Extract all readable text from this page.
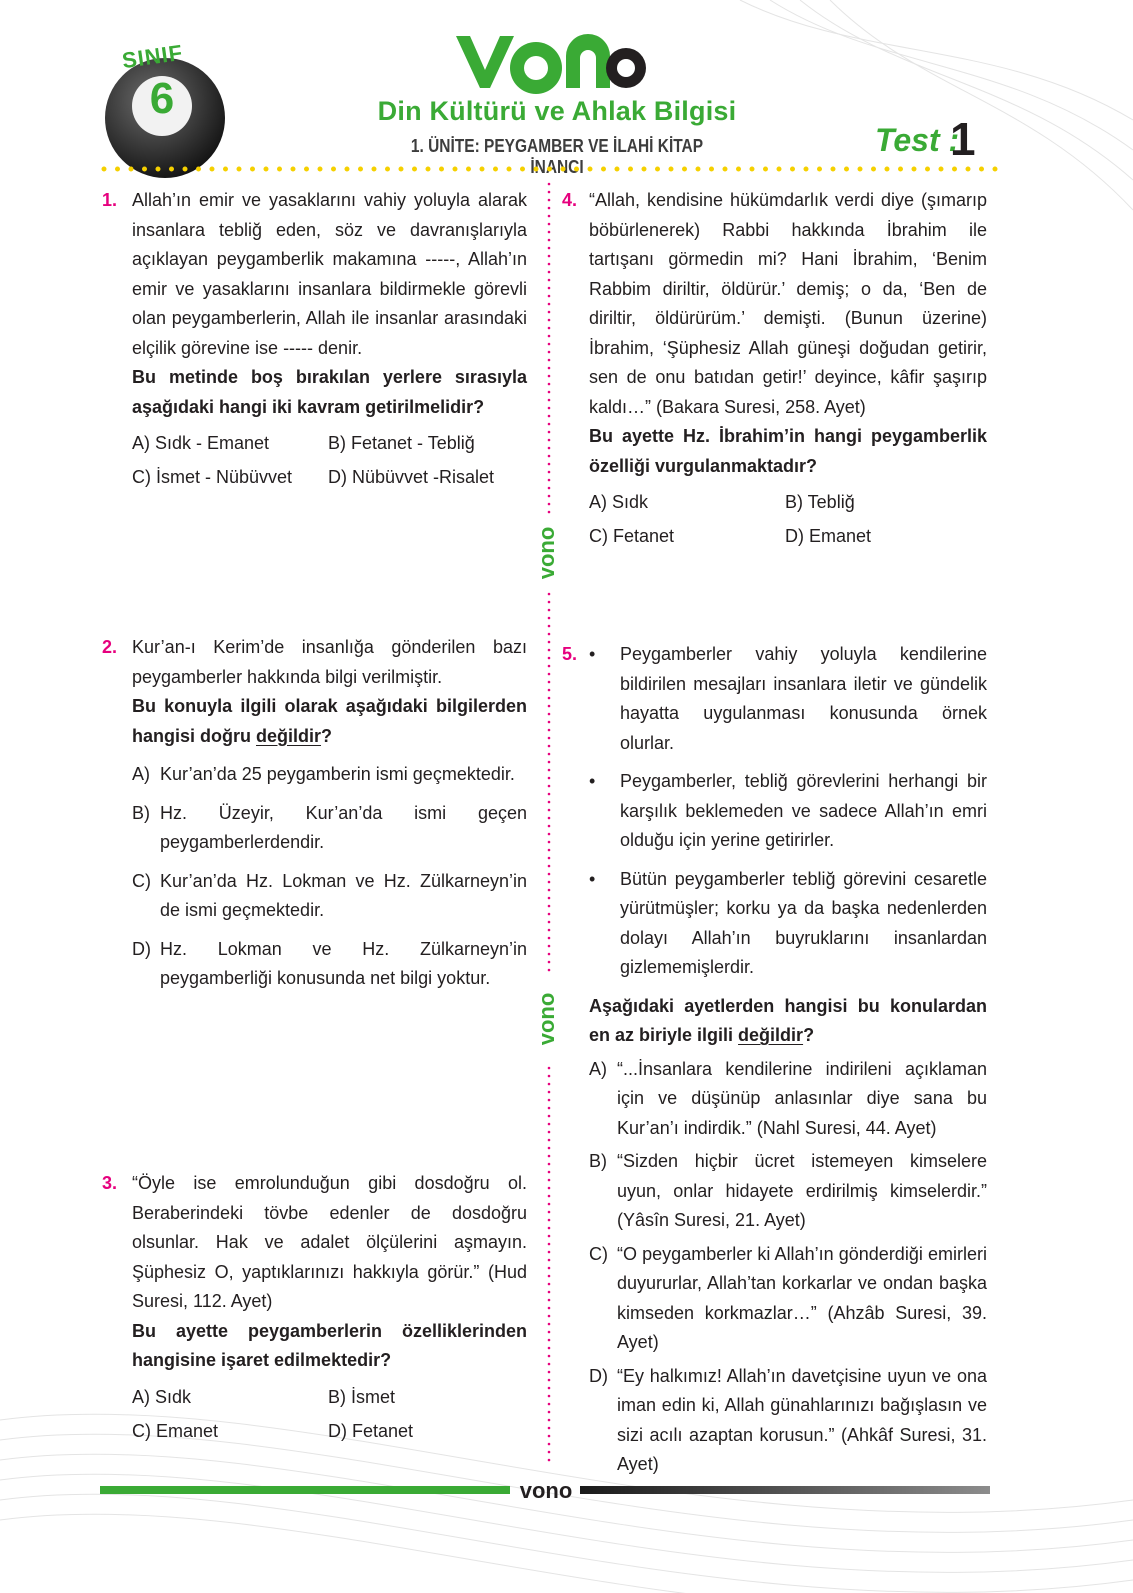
SINIF
6	Din Kültürü ve Ahlak Bilgisi
1. ÜNİTE: PEYGAMBER VE İLAHİ KİTAP İNANCI
Test :
1
vono
vono
1. Allah’ın emir ve yasaklarını vahiy yoluyla alarak insanlara tebliğ eden, söz ve davranışlarıyla açıklayan peygamberlik makamına -----, Allah’ın emir ve yasaklarını insanlara bildirmekle görevli olan peygamberlerin, Allah ile insanlar arasındaki elçilik görevine ise ----- denir.

Bu metinde boş bırakılan yerlere sırasıyla aşağıdaki hangi iki kavram getirilmelidir?

A) Sıdk - Emanet	B) Fetanet - Tebliğ
C) İsmet - Nübüvvet	D) Nübüvvet -Risalet
2. Kur’an-ı Kerim’de insanlığa gönderilen bazı peygamberler hakkında bilgi verilmiştir.

Bu konuyla ilgili olarak aşağıdaki bilgilerden hangisi doğru değildir?

A) Kur’an’da 25 peygamberin ismi geçmektedir.
B) Hz. Üzeyir, Kur’an’da ismi geçen peygamberlerdendir.
C) Kur’an’da Hz. Lokman ve Hz. Zülkarneyn’in de ismi geçmektedir.
D) Hz. Lokman ve Hz. Zülkarneyn’in peygamberliği konusunda net bilgi yoktur.
3. “Öyle ise emrolunduğun gibi dosdoğru ol. Beraberindeki tövbe edenler de dosdoğru olsunlar. Hak ve adalet ölçülerini aşmayın. Şüphesiz O, yaptıklarınızı hakkıyla görür.” (Hud Suresi, 112. Ayet)

Bu ayette peygamberlerin özelliklerinden hangisine işaret edilmektedir?

A) Sıdk	B) İsmet
C) Emanet	D) Fetanet
4. “Allah, kendisine hükümdarlık verdi diye (şımarıp böbürlenerek) Rabbi hakkında İbrahim ile tartışanı görmedin mi? Hani İbrahim, ‘Benim Rabbim diriltir, öldürür.’ demiş; o da, ‘Ben de diriltir, öldürürüm.’ demişti. (Bunun üzerine) İbrahim, ‘Şüphesiz Allah güneşi doğudan getirir, sen de onu batıdan getir!’ deyince, kâfir şaşırıp kaldı…” (Bakara Suresi, 258. Ayet)

Bu ayette Hz. İbrahim’in hangi peygamberlik özelliği vurgulanmaktadır?

A) Sıdk	B) Tebliğ
C) Fetanet	D) Emanet
5. • Peygamberler vahiy yoluyla kendilerine bildirilen mesajları insanlara iletir ve gündelik hayatta uygulanması konusunda örnek olurlar.
• Peygamberler, tebliğ görevlerini herhangi bir karşılık beklemeden ve sadece Allah’ın emri olduğu için yerine getirirler.
• Bütün peygamberler tebliğ görevini cesaretle yürütmüşler; korku ya da başka nedenlerden dolayı Allah’ın buyruklarını insanlardan gizlememişlerdir.

Aşağıdaki ayetlerden hangisi bu konulardan en az biriyle ilgili değildir?

A) “...İnsanlara kendilerine indirileni açıklaman için ve düşünüp anlasınlar diye sana bu Kur’an’ı indirdik.” (Nahl Suresi, 44. Ayet)
B) “Sizden hiçbir ücret istemeyen kimselere uyun, onlar hidayete erdirilmiş kimselerdir.” (Yâsîn Suresi, 21. Ayet)
C) “O peygamberler ki Allah’ın gönderdiği emirleri duyururlar, Allah’tan korkarlar ve ondan başka kimseden korkmazlar…” (Ahzâb Suresi, 39. Ayet)
D) “Ey halkımız! Allah’ın davetçisine uyun ve ona iman edin ki, Allah günahlarınızı bağışlasın ve sizi acılı azaptan korusun.” (Ahkâf Suresi, 31. Ayet)
vono
